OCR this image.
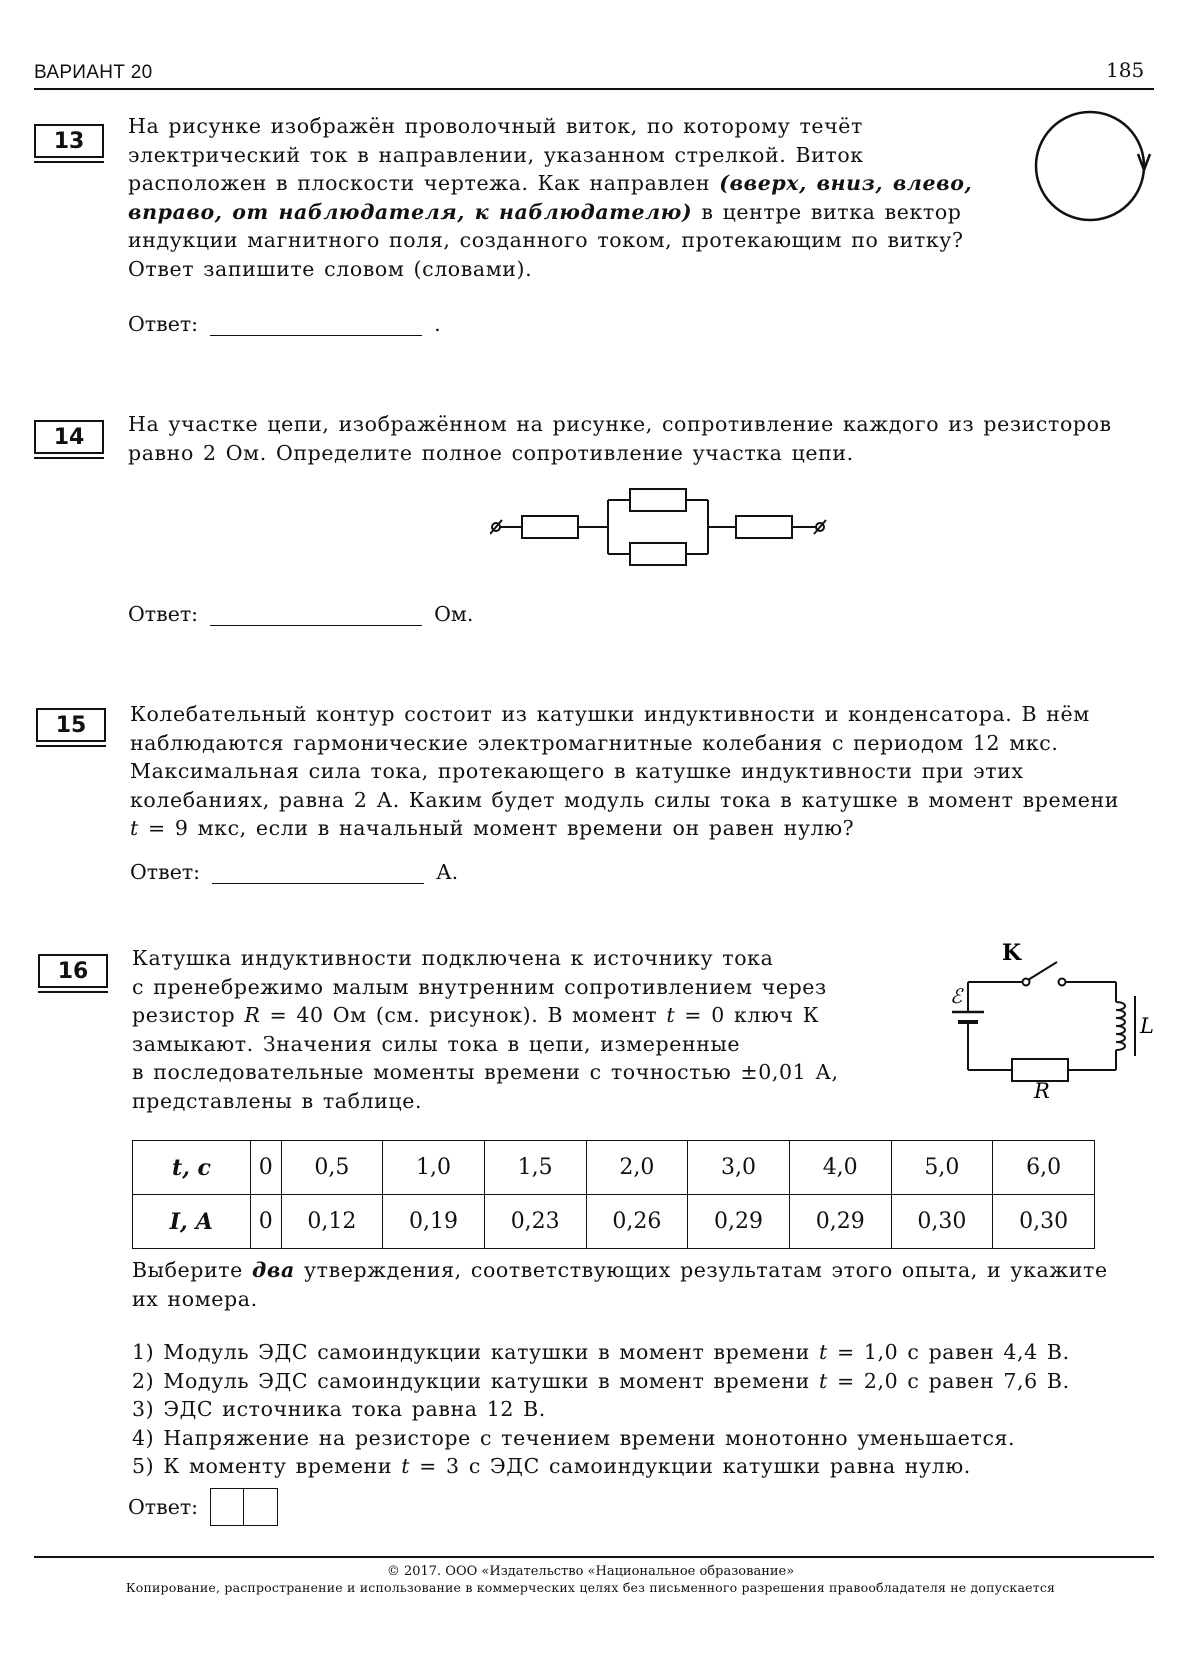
ВАРИАНТ 20	185
13

На рисунке изображён проволочный виток, по которому течёт

электрический ток в направлении, указанном стрелкой. Виток

расположен в плоскости чертежа. Как направлен (вверх, вниз, влево,

вправо, от наблюдателя, к наблюдателю) в центре витка вектор

индукции магнитного поля, созданного током, протекающим по витку?

Ответ запишите словом (словами).

Ответ:	.
14

На участке цепи, изображённом на рисунке, сопротивление каждого из резисторов

равно 2 Ом. Определите полное сопротивление участка цепи.

Ответ:	Ом.
15	Колебательный контур состоит из катушки индуктивности и конденсатора. В нём

наблюдаются гармонические электромагнитные колебания с периодом 12 мкс.

Максимальная сила тока, протекающего в катушке индуктивности при этих

колебаниях, равна 2 А. Каким будет модуль силы тока в катушке в момент времени

t = 9 мкс, если в начальный момент времени он равен нулю?

Ответ:	А.
16

Катушка индуктивности подключена к источнику тока

с пренебрежимо малым внутренним сопротивлением через

резистор R = 40 Ом (см. рисунок). В момент t = 0 ключ К

замыкают. Значения силы тока в цепи, измеренные

в последовательные моменты времени с точностью ±0,01 А,

представлены в таблице.

K
ℰ
L
R
t, с	0	0,5	1,0	1,5	2,0	3,0	4,0	5,0	6,0
I, А	0	0,12	0,19	0,23	0,26	0,29	0,29	0,30	0,30

Выберите два утверждения, соответствующих результатам этого опыта, и укажите

их номера.

1) Модуль ЭДС самоиндукции катушки в момент времени t = 1,0 с равен 4,4 В.
2) Модуль ЭДС самоиндукции катушки в момент времени t = 2,0 с равен 7,6 В.
3) ЭДС источника тока равна 12 В.
4) Напряжение на резисторе с течением времени монотонно уменьшается.
5) К моменту времени t = 3 с ЭДС самоиндукции катушки равна нулю.
Ответ:
© 2017. ООО «Издательство «Национальное образование»
Копирование, распространение и использование в коммерческих целях без письменного разрешения правообладателя не допускается
